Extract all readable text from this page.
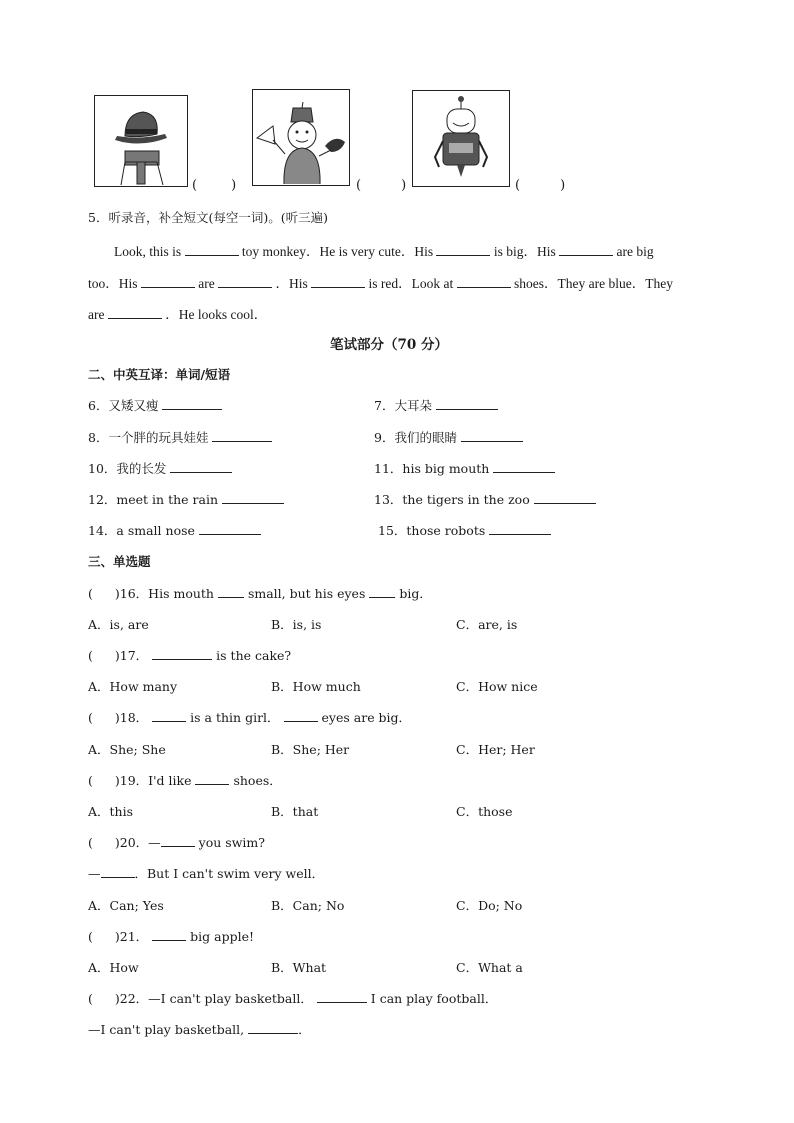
(	)	(	)	(	)
5．听录音，补全短文(每空一词)。(听三遍)
Look, this is	toy monkey．He is very cute．His	is big．His	are big
too．His	are	．His	is red．Look at	shoes．They are blue．They
are	．He looks cool．
笔试部分（70 分）
二、中英互译：单词/短语
6．又矮又瘦	7．大耳朵
8．一个胖的玩具娃娃	9．我们的眼睛
10．我的长发	11．his big mouth
12．meet in the rain	13．the tigers in the zoo
14．a small nose	15．those robots
三、单选题
( )16．His mouth	small, but his eyes	big．
A．is, are	B．is, is	C．are, is
( )17．	is the cake?
A．How many	B．How much	C．How nice
( )18．	is a thin girl．	eyes are big．
A．She; She	B．She; Her	C．Her; Her
( )19．I'd like	shoes．
A．this	B．that	C．those
( )20．—	you swim?
—	．But I can't swim very well．
A．Can; Yes	B．Can; No	C．Do; No
( )21．	big apple!
A．How	B．What	C．What a
( )22．—I can't play basketball．	I can play football．
—I can't play basketball,	．
